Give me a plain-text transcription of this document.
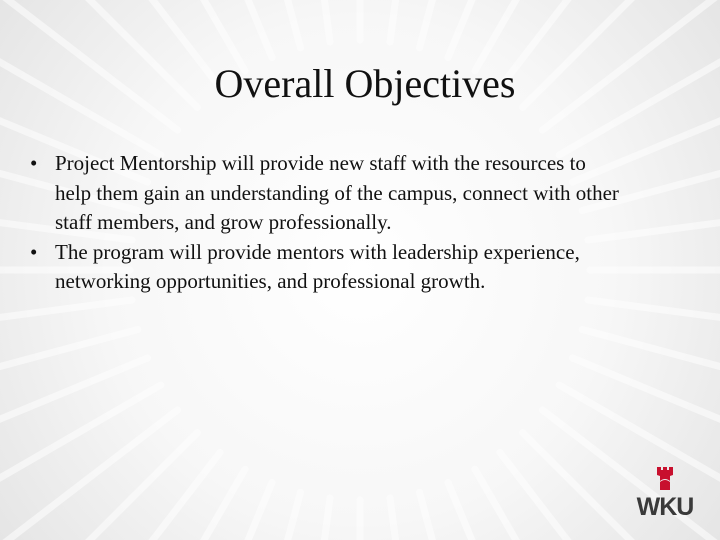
Overall Objectives
• Project Mentorship will provide new staff with the resources to
help them gain an understanding of the campus, connect with other
staff members, and grow professionally.
• The program will provide mentors with leadership experience,
networking opportunities, and professional growth.
WKU
